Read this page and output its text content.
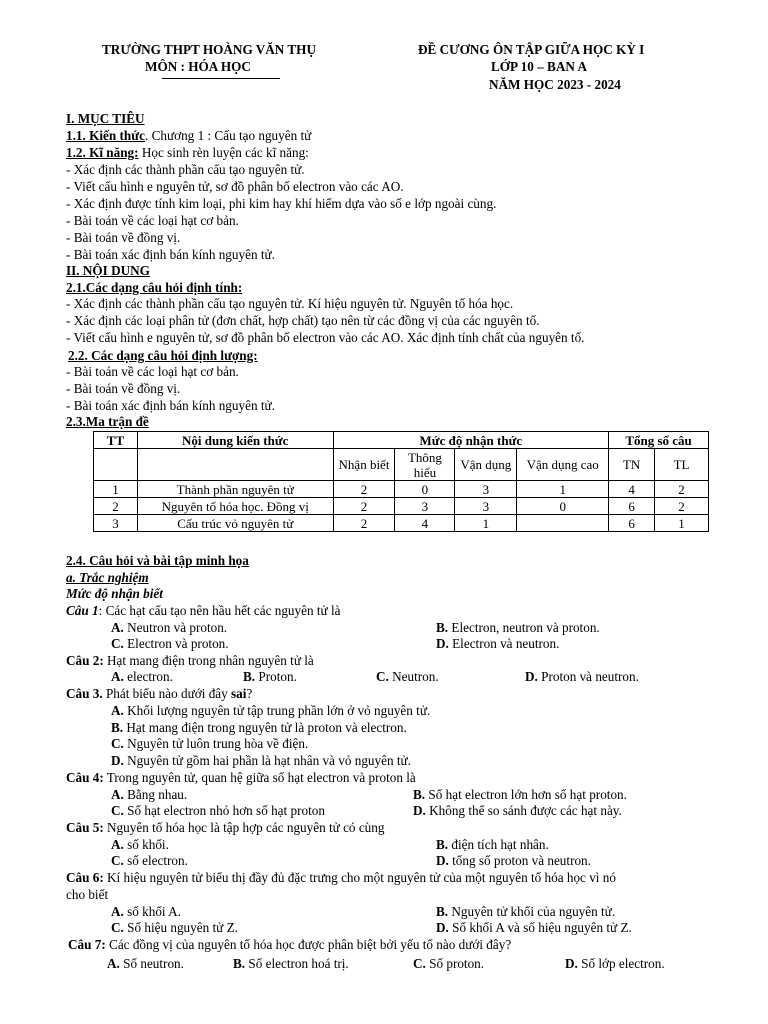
TRƯỜNG THPT HOÀNG VĂN THỤ
MÔN : HÓA HỌC
ĐỀ CƯƠNG ÔN TẬP GIỮA HỌC KỲ I
LỚP 10 – BAN A
NĂM HỌC 2023 - 2024
I. MỤC TIÊU
1.1. Kiến thức. Chương 1 : Cấu tạo nguyên tử
1.2. Kĩ năng: Học sinh rèn luyện các kĩ năng:
- Xác định các thành phần cấu tạo nguyên tử.
- Viết cấu hình e nguyên tử, sơ đồ phân bố electron vào các AO.
- Xác định được tính kim loại, phi kim hay khí hiếm dựa vào số e lớp ngoài cùng.
- Bài toán về các loại hạt cơ bản.
- Bài toán về đồng vị.
- Bài toán xác định bán kính nguyên tử.
II. NỘI DUNG
2.1.Các dạng câu hỏi định tính:
- Xác định các thành phần cấu tạo nguyên tử. Kí hiệu nguyên tử. Nguyên tố hóa học.
- Xác định các loại phân tử (đơn chất, hợp chất) tạo nên từ các đồng vị của các nguyên tố.
- Viết cấu hình e nguyên tử, sơ đồ phân bố electron vào các AO. Xác định tính chất của nguyên tố.
2.2. Các dạng câu hỏi định lượng:
- Bài toán về các loại hạt cơ bản.
- Bài toán về đồng vị.
- Bài toán xác định bán kính nguyên tử.
2.3.Ma trận đề
TT	Nội dung kiến thức	Mức độ nhận thức				Tổng số câu	
		Nhận biết	Thông hiểu	Vận dụng	Vận dụng cao	TN	TL
1	Thành phần nguyên tử	2	0	3	1	4	2
2	Nguyên tố hóa học. Đồng vị	2	3	3	0	6	2
3	Cấu trúc vỏ nguyên tử	2	4	1		6	1
2.4. Câu hỏi và bài tập minh họa
a. Trắc nghiệm
Mức độ nhận biết
Câu 1: Các hạt cấu tạo nên hầu hết các nguyên tử là
A. Neutron và proton.	B. Electron, neutron và proton.
C. Electron và proton.	D. Electron và neutron.
Câu 2: Hạt mang điện trong nhân nguyên tử là
A. electron.	B. Proton.	C. Neutron.	D. Proton và neutron.
Câu 3. Phát biểu nào dưới đây sai?
A. Khối lượng nguyên tử tập trung phần lớn ở vỏ nguyên tử.
B. Hạt mang điện trong nguyên tử là proton và electron.
C. Nguyên tử luôn trung hòa về điện.
D. Nguyên tử gồm hai phần là hạt nhân và vỏ nguyên tử.
Câu 4: Trong nguyên tử, quan hệ giữa số hạt electron và proton là
A. Bằng nhau.	B. Số hạt electron lớn hơn số hạt proton.
C. Số hạt electron nhỏ hơn số hạt proton	D. Không thể so sánh được các hạt này.
Câu 5: Nguyên tố hóa học là tập hợp các nguyên tử có cùng
A. số khối.	B. điện tích hạt nhân.
C. số electron.	D. tổng số proton và neutron.
Câu 6: Kí hiệu nguyên tử biểu thị đầy đủ đặc trưng cho một nguyên tử của một nguyên tố hóa học vì nó
cho biết
A. số khối A.	B. Nguyên tử khối của nguyên tử.
C. Số hiệu nguyên tử Z.	D. Số khối A và số hiệu nguyên tử Z.
Câu 7: Các đồng vị của nguyên tố hóa học được phân biệt bởi yếu tố nào dưới đây?
A. Số neutron.	B. Số electron hoá trị.	C. Số proton.	D. Số lớp electron.
